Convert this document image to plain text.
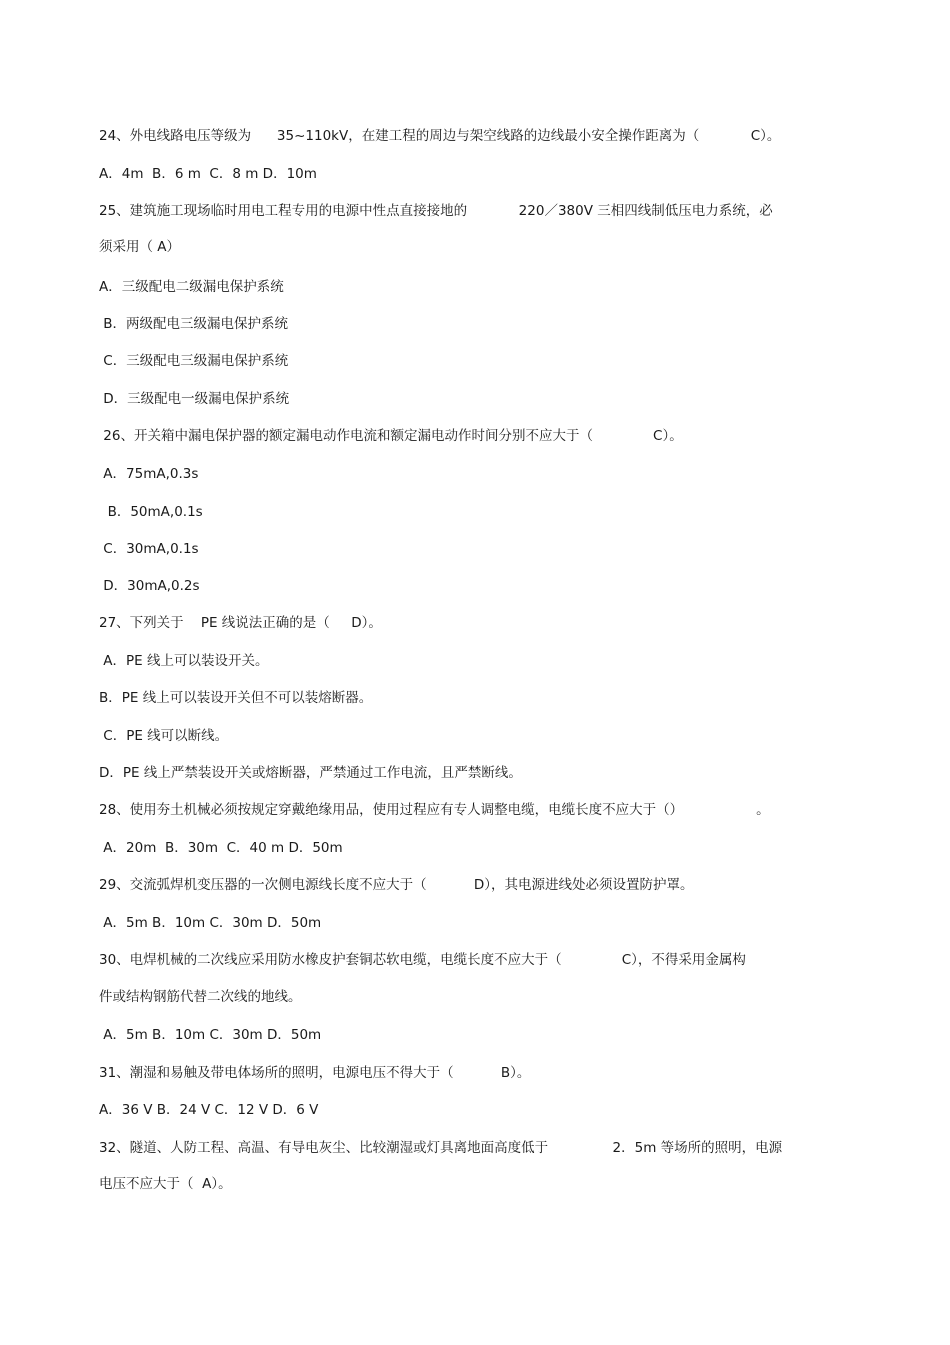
24、外电线路电压等级为      35~110kV，在建工程的周边与架空线路的边线最小安全操作距离为（            C）。
A．4m  B．6 m  C．8 m D．10m
25、建筑施工现场临时用电工程专用的电源中性点直接接地的            220／380V 三相四线制低压电力系统，必
须采用（ A）
A．三级配电二级漏电保护系统
B．两级配电三级漏电保护系统
C．三级配电三级漏电保护系统
D．三级配电一级漏电保护系统
26、开关箱中漏电保护器的额定漏电动作电流和额定漏电动作时间分别不应大于（              C）。
A．75mA,0.3s
B．50mA,0.1s
C．30mA,0.1s
D．30mA,0.2s
27、下列关于    PE 线说法正确的是（     D）。
A．PE 线上可以装设开关。
B．PE 线上可以装设开关但不可以装熔断器。
C．PE 线可以断线。
D．PE 线上严禁装设开关或熔断器，严禁通过工作电流，且严禁断线。
28、使用夯土机械必须按规定穿戴绝缘用品，使用过程应有专人调整电缆，电缆长度不应大于（）                 。
A．20m  B．30m  C．40 m D．50m
29、交流弧焊机变压器的一次侧电源线长度不应大于（           D），其电源进线处必须设置防护罩。
A．5m B．10m C．30m D．50m
30、电焊机械的二次线应采用防水橡皮护套铜芯软电缆，电缆长度不应大于（              C），不得采用金属构
件或结构钢筋代替二次线的地线。
A．5m B．10m C．30m D．50m
31、潮湿和易触及带电体场所的照明，电源电压不得大于（           B）。
A．36 V B．24 V C．12 V D．6 V
32、隧道、人防工程、高温、有导电灰尘、比较潮湿或灯具离地面高度低于               2．5m 等场所的照明，电源
电压不应大于（  A）。
